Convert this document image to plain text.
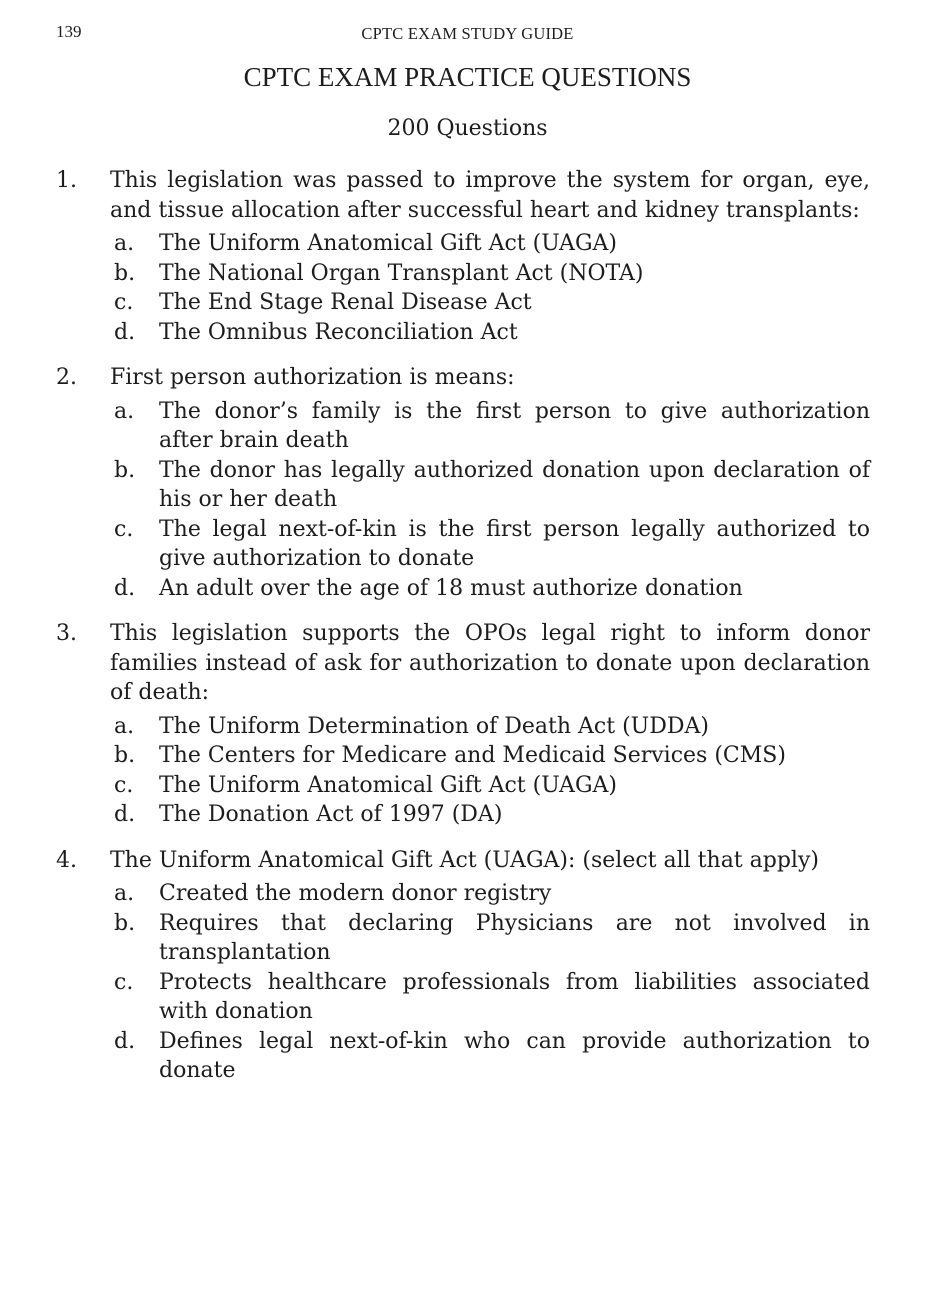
139	CPTC EXAM STUDY GUIDE
CPTC EXAM PRACTICE QUESTIONS
200 Questions
1. This legislation was passed to improve the system for organ, eye, and tissue allocation after successful heart and kidney transplants:
a. The Uniform Anatomical Gift Act (UAGA)
b. The National Organ Transplant Act (NOTA)
c. The End Stage Renal Disease Act
d. The Omnibus Reconciliation Act
2. First person authorization is means:
a. The donor’s family is the first person to give authorization after brain death
b. The donor has legally authorized donation upon declaration of his or her death
c. The legal next-of-kin is the first person legally authorized to give authorization to donate
d. An adult over the age of 18 must authorize donation
3. This legislation supports the OPOs legal right to inform donor families instead of ask for authorization to donate upon declaration of death:
a. The Uniform Determination of Death Act (UDDA)
b. The Centers for Medicare and Medicaid Services (CMS)
c. The Uniform Anatomical Gift Act (UAGA)
d. The Donation Act of 1997 (DA)
4. The Uniform Anatomical Gift Act (UAGA): (select all that apply)
a. Created the modern donor registry
b. Requires that declaring Physicians are not involved in transplantation
c. Protects healthcare professionals from liabilities associated with donation
d. Defines legal next-of-kin who can provide authorization to donate
